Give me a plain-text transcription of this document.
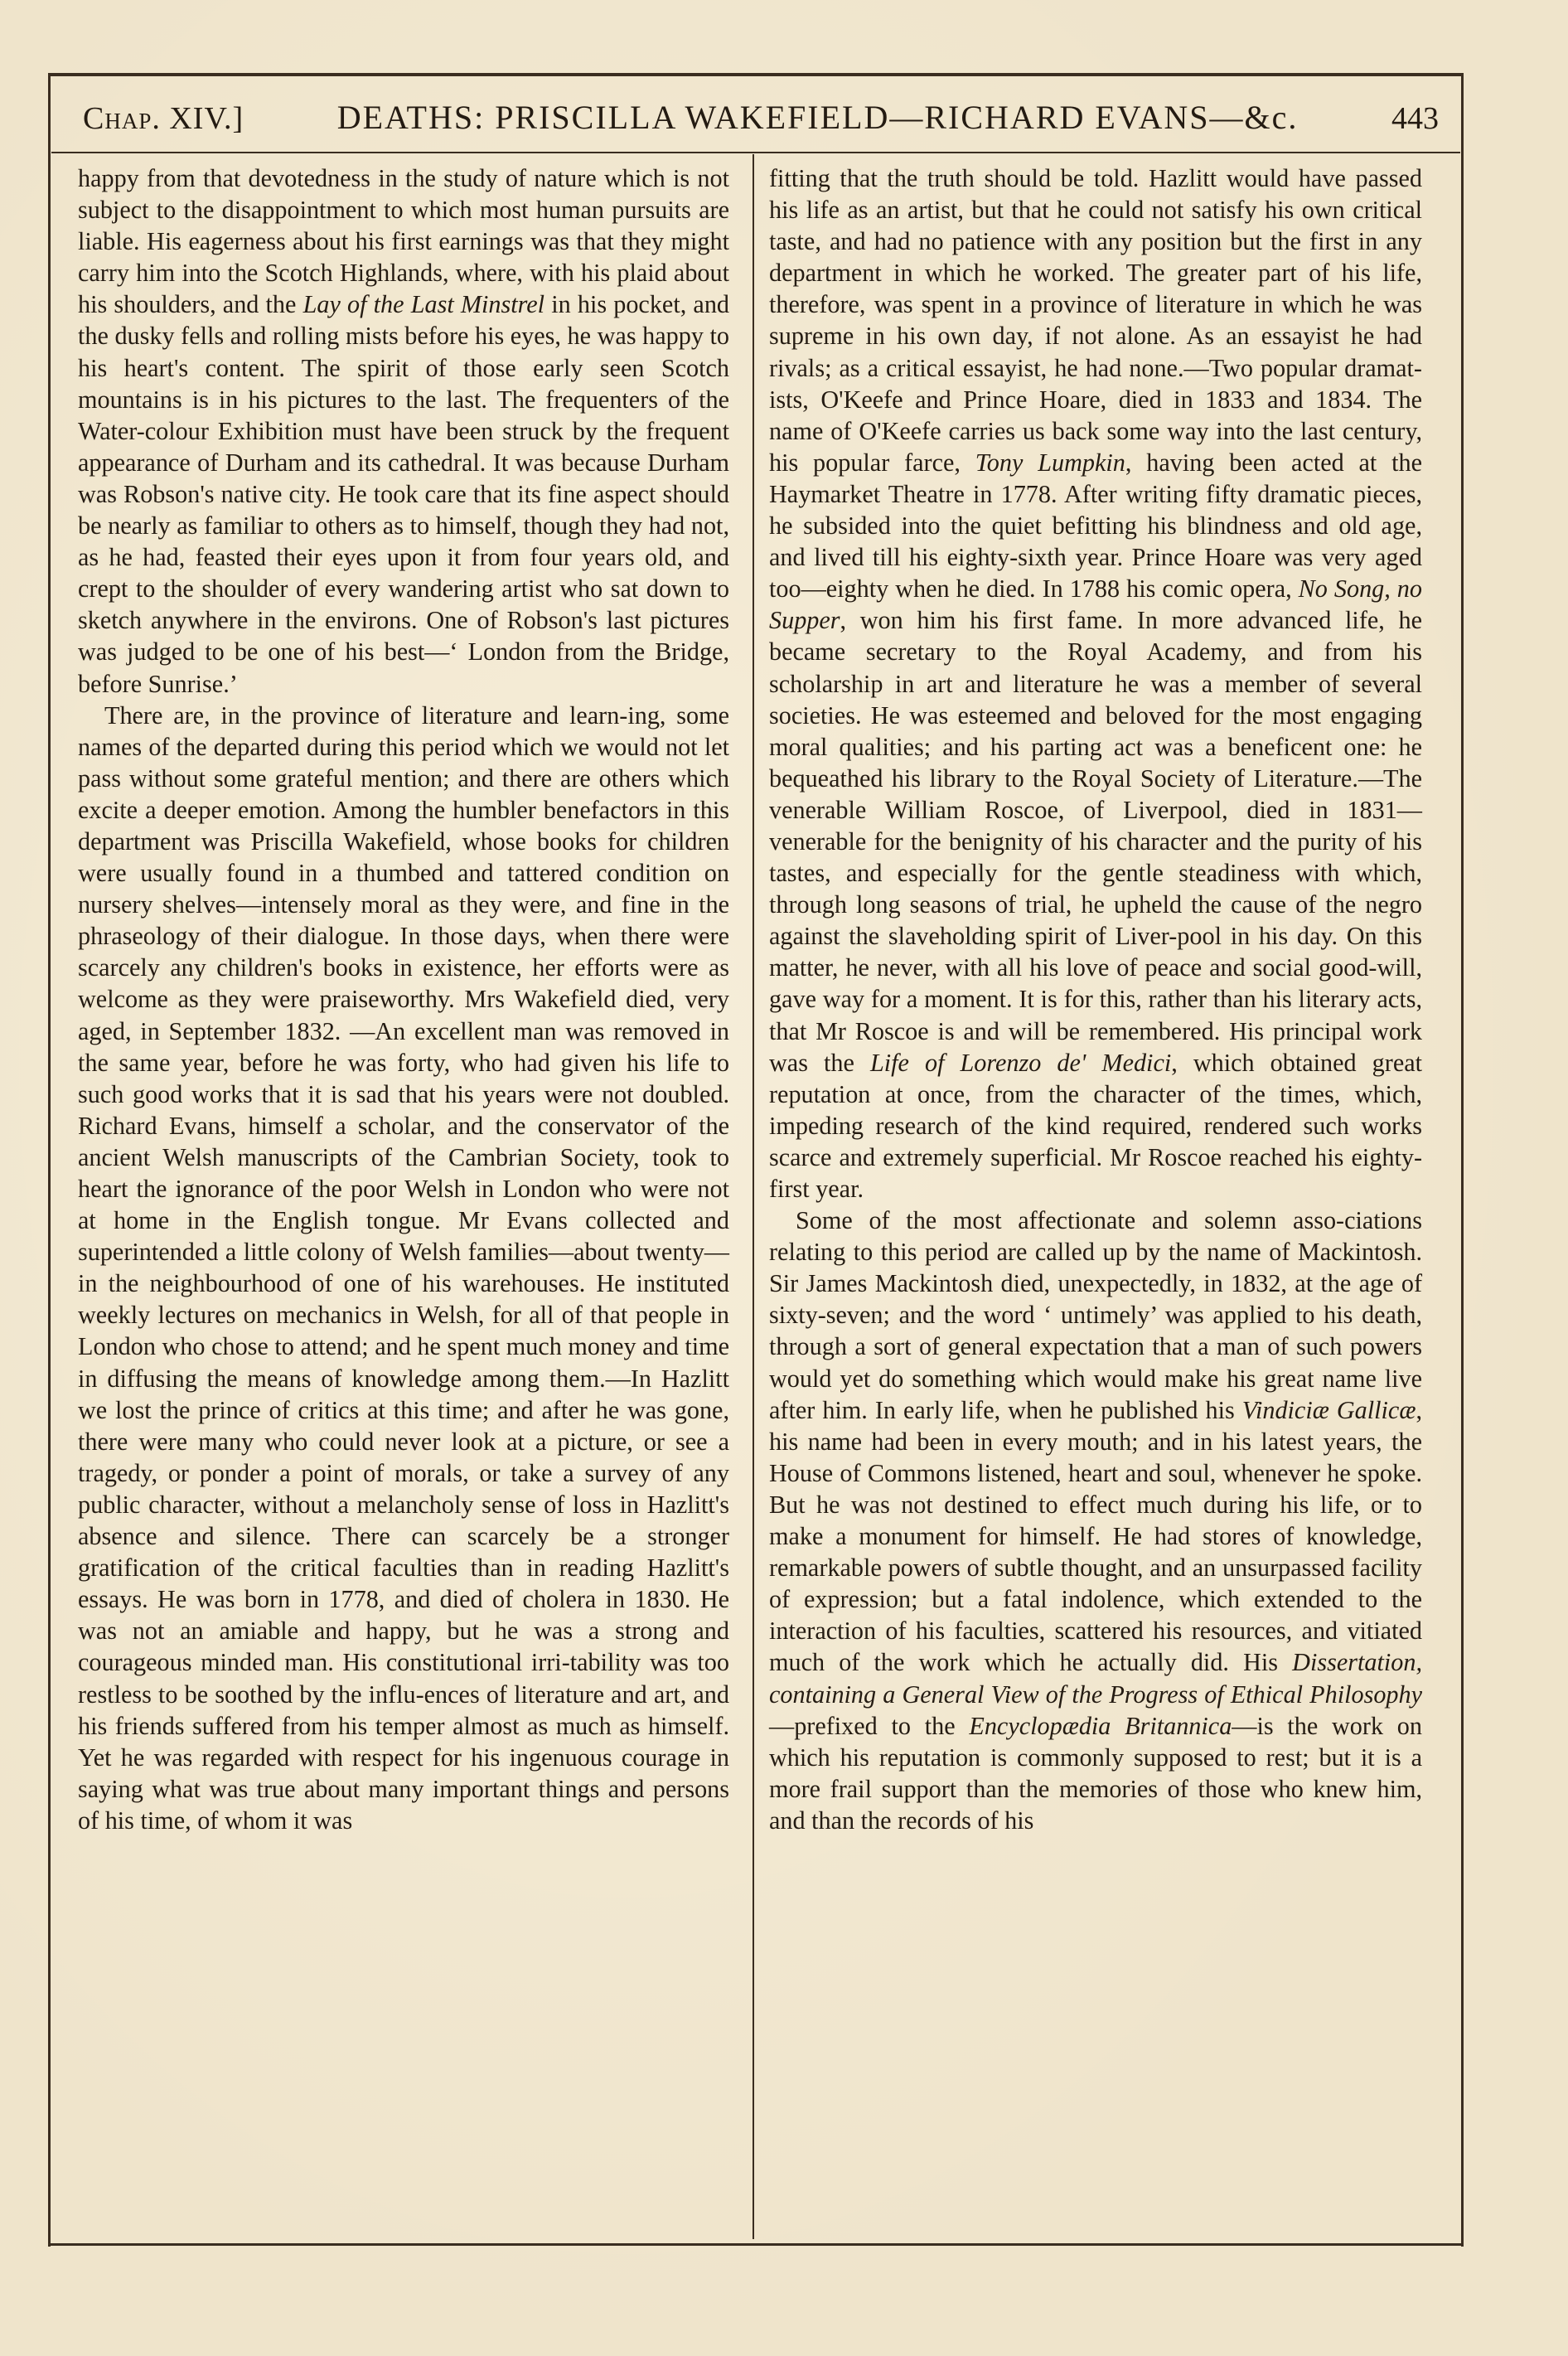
Chap. XIV.]	DEATHS: PRISCILLA WAKEFIELD—RICHARD EVANS—&c.	443

happy from that devotedness in the study of nature which is not subject to the disappointment to which most human pursuits are liable. His eagerness about his first earnings was that they might carry him into the Scotch Highlands, where, with his plaid about his shoulders, and the Lay of the Last Minstrel in his pocket, and the dusky fells and rolling mists before his eyes, he was happy to his heart's content. The spirit of those early seen Scotch mountains is in his pictures to the last. The frequenters of the Water-colour Exhibition must have been struck by the frequent appearance of Durham and its cathedral. It was because Durham was Robson's native city. He took care that its fine aspect should be nearly as familiar to others as to himself, though they had not, as he had, feasted their eyes upon it from four years old, and crept to the shoulder of every wandering artist who sat down to sketch anywhere in the environs. One of Robson's last pictures was judged to be one of his best—‘ London from the Bridge, before Sunrise.’

There are, in the province of literature and learn-ing, some names of the departed during this period which we would not let pass without some grateful mention; and there are others which excite a deeper emotion. Among the humbler benefactors in this department was Priscilla Wakefield, whose books for children were usually found in a thumbed and tattered condition on nursery shelves—intensely moral as they were, and fine in the phraseology of their dialogue. In those days, when there were scarcely any children's books in existence, her efforts were as welcome as they were praiseworthy. Mrs Wakefield died, very aged, in September 1832. —An excellent man was removed in the same year, before he was forty, who had given his life to such good works that it is sad that his years were not doubled. Richard Evans, himself a scholar, and the conservator of the ancient Welsh manuscripts of the Cambrian Society, took to heart the ignorance of the poor Welsh in London who were not at home in the English tongue. Mr Evans collected and superintended a little colony of Welsh families—about twenty—in the neighbourhood of one of his warehouses. He instituted weekly lectures on mechanics in Welsh, for all of that people in London who chose to attend; and he spent much money and time in diffusing the means of knowledge among them.—In Hazlitt we lost the prince of critics at this time; and after he was gone, there were many who could never look at a picture, or see a tragedy, or ponder a point of morals, or take a survey of any public character, without a melancholy sense of loss in Hazlitt's absence and silence. There can scarcely be a stronger gratification of the critical faculties than in reading Hazlitt's essays. He was born in 1778, and died of cholera in 1830. He was not an amiable and happy, but he was a strong and courageous minded man. His constitutional irri-tability was too restless to be soothed by the influ-ences of literature and art, and his friends suffered from his temper almost as much as himself. Yet he was regarded with respect for his ingenuous courage in saying what was true about many important things and persons of his time, of whom it was

fitting that the truth should be told. Hazlitt would have passed his life as an artist, but that he could not satisfy his own critical taste, and had no patience with any position but the first in any department in which he worked. The greater part of his life, therefore, was spent in a province of literature in which he was supreme in his own day, if not alone. As an essayist he had rivals; as a critical essayist, he had none.—Two popular dramat-ists, O'Keefe and Prince Hoare, died in 1833 and 1834. The name of O'Keefe carries us back some way into the last century, his popular farce, Tony Lumpkin, having been acted at the Haymarket Theatre in 1778. After writing fifty dramatic pieces, he subsided into the quiet befitting his blindness and old age, and lived till his eighty-sixth year. Prince Hoare was very aged too—eighty when he died. In 1788 his comic opera, No Song, no Supper, won him his first fame. In more advanced life, he became secretary to the Royal Academy, and from his scholarship in art and literature he was a member of several societies. He was esteemed and beloved for the most engaging moral qualities; and his parting act was a beneficent one: he bequeathed his library to the Royal Society of Literature.—The venerable William Roscoe, of Liverpool, died in 1831—venerable for the benignity of his character and the purity of his tastes, and especially for the gentle steadiness with which, through long seasons of trial, he upheld the cause of the negro against the slaveholding spirit of Liver-pool in his day. On this matter, he never, with all his love of peace and social good-will, gave way for a moment. It is for this, rather than his literary acts, that Mr Roscoe is and will be remembered. His principal work was the Life of Lorenzo de' Medici, which obtained great reputation at once, from the character of the times, which, impeding research of the kind required, rendered such works scarce and extremely superficial. Mr Roscoe reached his eighty-first year.

Some of the most affectionate and solemn asso-ciations relating to this period are called up by the name of Mackintosh. Sir James Mackintosh died, unexpectedly, in 1832, at the age of sixty-seven; and the word ‘ untimely’ was applied to his death, through a sort of general expectation that a man of such powers would yet do something which would make his great name live after him. In early life, when he published his Vindiciæ Gallicæ, his name had been in every mouth; and in his latest years, the House of Commons listened, heart and soul, whenever he spoke. But he was not destined to effect much during his life, or to make a monument for himself. He had stores of knowledge, remarkable powers of subtle thought, and an unsurpassed facility of expression; but a fatal indolence, which extended to the interaction of his faculties, scattered his resources, and vitiated much of the work which he actually did. His Dissertation, containing a General View of the Progress of Ethical Philosophy—prefixed to the Encyclopædia Britannica—is the work on which his reputation is commonly supposed to rest; but it is a more frail support than the memories of those who knew him, and than the records of his
